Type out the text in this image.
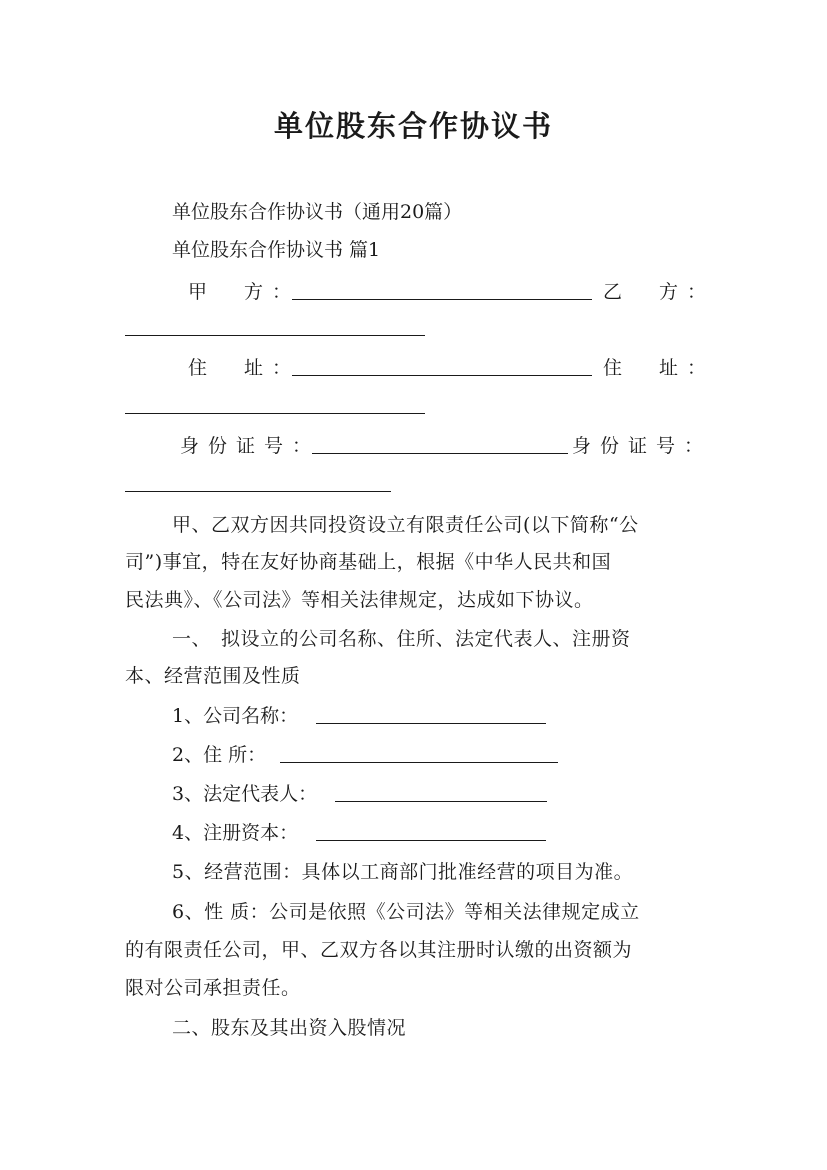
单位股东合作协议书
单位股东合作协议书（通用20篇）
单位股东合作协议书 篇1
甲　方：	乙　方：
住　址：	住　址：
身份证号：	身份证号：
甲、乙双方因共同投资设立有限责任公司(以下简称“公
司”)事宜，特在友好协商基础上，根据《中华人民共和国
民法典》、《公司法》等相关法律规定，达成如下协议。
一、　拟设立的公司名称、住所、法定代表人、注册资
本、经营范围及性质
1、公司名称：
2、住 所：
3、法定代表人：
4、注册资本：
5、经营范围：具体以工商部门批准经营的项目为准。
6、性 质：公司是依照《公司法》等相关法律规定成立
的有限责任公司，甲、乙双方各以其注册时认缴的出资额为
限对公司承担责任。
二、股东及其出资入股情况
